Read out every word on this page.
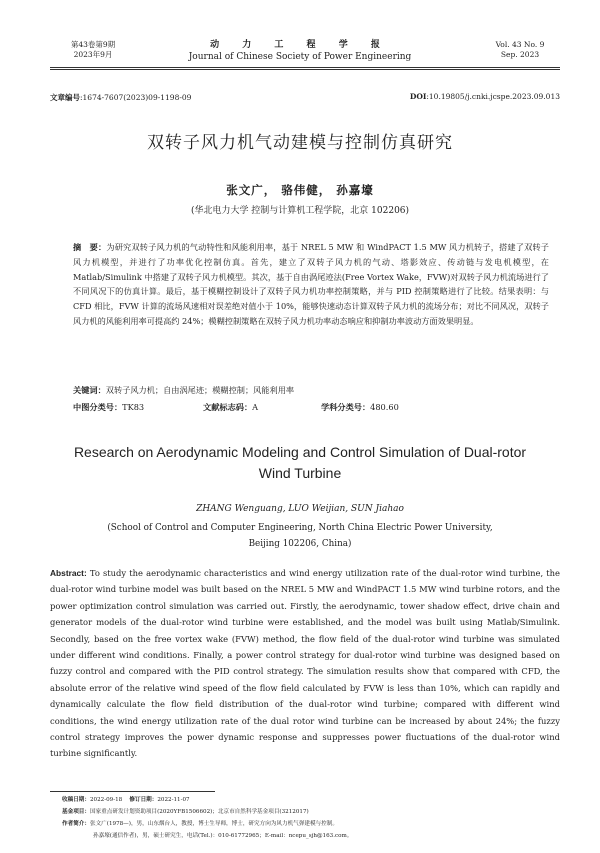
第43卷第9期
2023年9月
动 力 工 程 学 报
Journal of Chinese Society of Power Engineering
Vol. 43 No. 9
Sep. 2023
文章编号:1674-7607(2023)09-1198-09	DOI:10.19805/j.cnki.jcspe.2023.09.013
双转子风力机气动建模与控制仿真研究
张文广， 骆伟健， 孙嘉壕
(华北电力大学 控制与计算机工程学院，北京 102206)
摘　要：为研究双转子风力机的气动特性和风能利用率，基于 NREL 5 MW 和 WindPACT 1.5 MW 风力机转子，搭建了双转子风力机模型，并进行了功率优化控制仿真。首先，建立了双转子风力机的气动、塔影效应、传动链与发电机模型，在 Matlab/Simulink 中搭建了双转子风力机模型。其次，基于自由涡尾迹法(Free Vortex Wake，FVW)对双转子风力机流场进行了不同风况下的仿真计算。最后，基于模糊控制设计了双转子风力机功率控制策略，并与 PID 控制策略进行了比较。结果表明：与 CFD 相比，FVW 计算的流场风速相对误差绝对值小于 10%，能够快速动态计算双转子风力机的流场分布；对比不同风况，双转子风力机的风能利用率可提高约 24%；模糊控制策略在双转子风力机功率动态响应和抑制功率波动方面效果明显。
关键词：双转子风力机；自由涡尾迹；模糊控制；风能利用率
中图分类号：TK83	文献标志码：A	学科分类号：480.60
Research on Aerodynamic Modeling and Control Simulation of Dual-rotor Wind Turbine
ZHANG Wenguang, LUO Weijian, SUN Jiahao
(School of Control and Computer Engineering, North China Electric Power University,
Beijing 102206, China)
Abstract: To study the aerodynamic characteristics and wind energy utilization rate of the dual-rotor wind turbine, the dual-rotor wind turbine model was built based on the NREL 5 MW and WindPACT 1.5 MW wind turbine rotors, and the power optimization control simulation was carried out. Firstly, the aerodynamic, tower shadow effect, drive chain and generator models of the dual-rotor wind turbine were established, and the model was built using Matlab/Simulink. Secondly, based on the free vortex wake (FVW) method, the flow field of the dual-rotor wind turbine was simulated under different wind conditions. Finally, a power control strategy for dual-rotor wind turbine was designed based on fuzzy control and compared with the PID control strategy. The simulation results show that compared with CFD, the absolute error of the relative wind speed of the flow field calculated by FVW is less than 10%, which can rapidly and dynamically calculate the flow field distribution of the dual-rotor wind turbine; compared with different wind conditions, the wind energy utilization rate of the dual rotor wind turbine can be increased by about 24%; the fuzzy control strategy improves the power dynamic response and suppresses power fluctuations of the dual-rotor wind turbine significantly.
收稿日期：2022-09-18 修订日期：2022-11-07
基金项目：国家重点研发计划资助项目(2020YFB1506602)；北京市自然科学基金项目(3212017)
作者简介：张文广(1978—)，男，山东烟台人，教授，博士生导师，博士，研究方向为风力机气弹建模与控制。
孙嘉壕(通信作者)，男，硕士研究生，电话(Tel.)：010-61772965；E-mail：ncepu_sjh@163.com。
